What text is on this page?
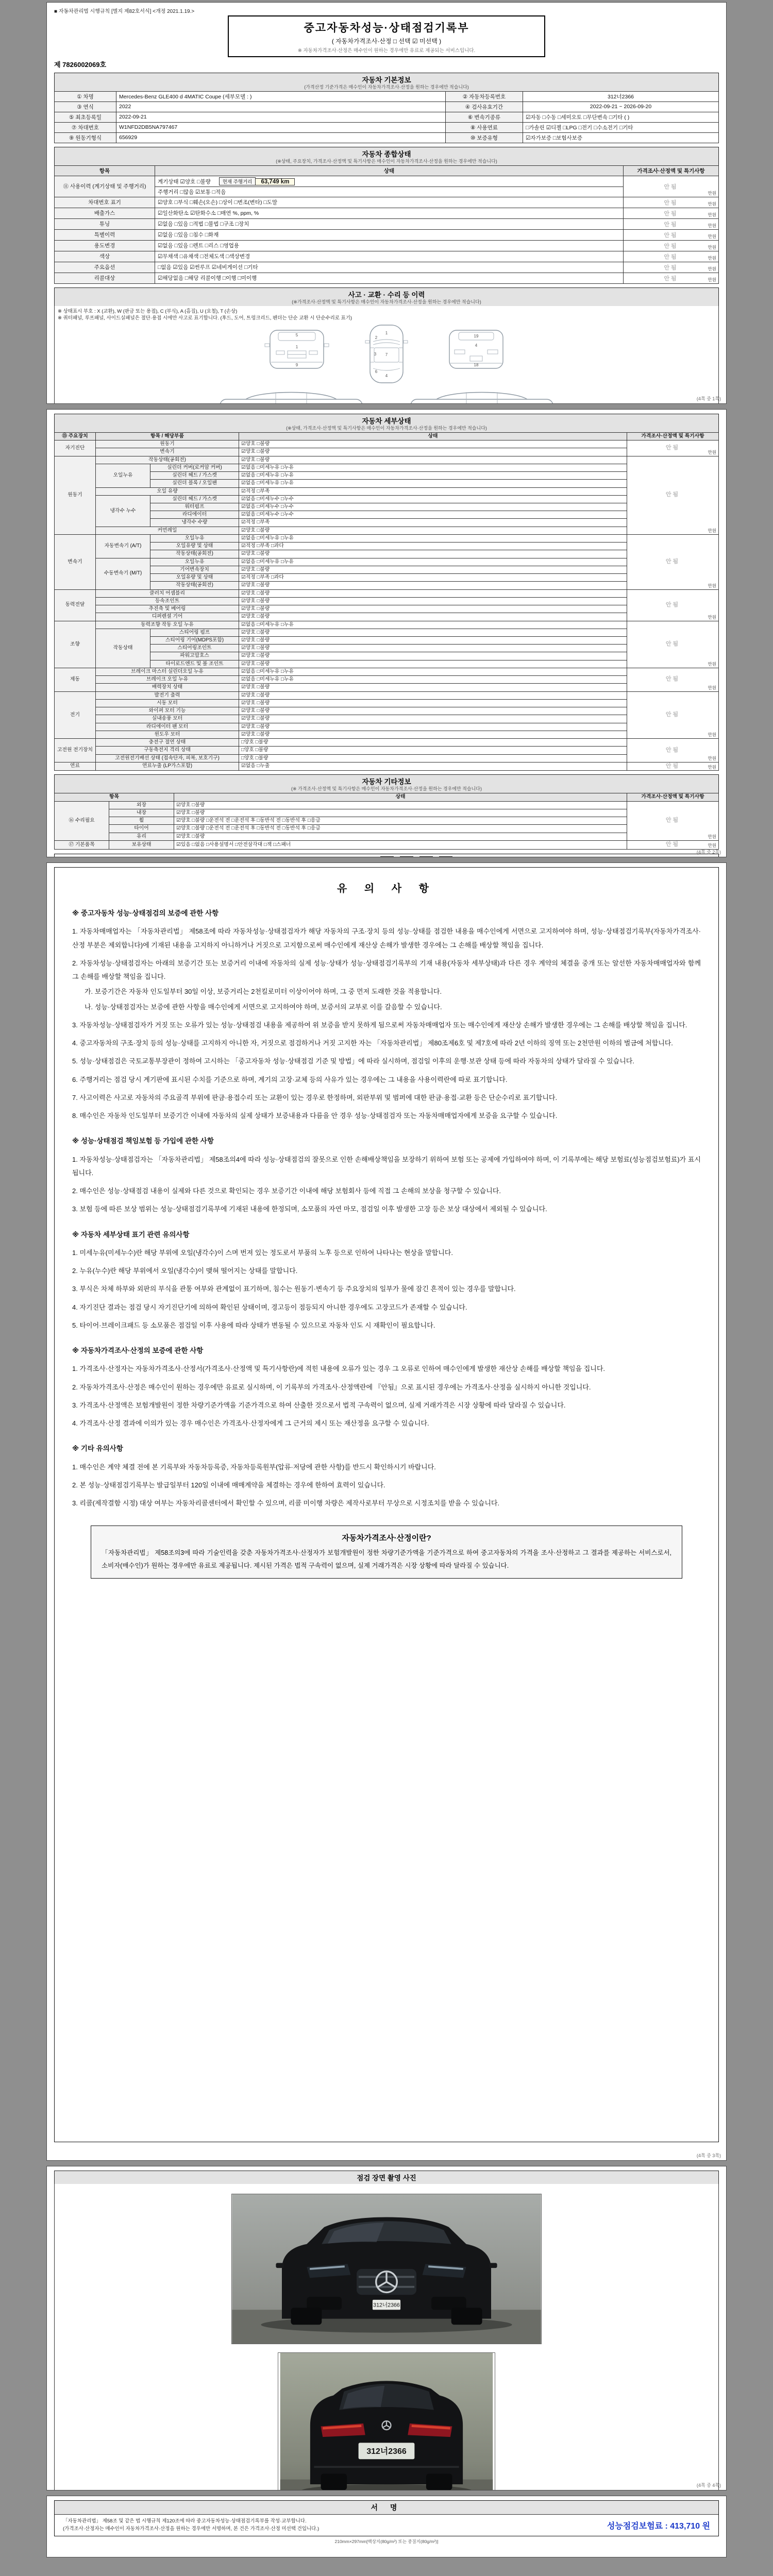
■ 자동차관리법 시행규칙 [별지 제82호서식] <개정 2021.1.19.>
중고자동차성능·상태점검기록부
( 자동차가격조사·산정 □ 선택 ☑ 미선택 )
※ 자동차가격조사·산정은 매수인이 원하는 경우에만 유료로 제공되는 서비스입니다.
제 7826002069호
자동차 기본정보
(가격산정 기준가격은 매수인이 자동차가격조사·산정을 원하는 경우에만 적습니다)
① 차명	Mercedes-Benz GLE400 d 4MATIC Coupe (세부모델 : )	② 자동차등록번호	312너2366
③ 연식	2022	④ 검사유효기간	2022-09-21 ~ 2026-09-20
⑤ 최초등록일	2022-09-21	⑥ 변속기종류	☑자동 □수동 □세미오토 □무단변속 □기타 ( )
⑦ 차대번호	W1NFD2DB5NA797467	⑧ 사용연료	□가솔린 ☑디젤 □LPG □전기 □수소전기 □기타
⑨ 원동기형식	656929	⑩ 보증유형	☑자가보증 □보험사보증
자동차 종합상태
(※상태, 주요장치, 가격조사·산정액 및 특기사항은 매수인이 자동차가격조사·산정을 원하는 경우에만 적습니다)
항목	상태	가격조사·산정액 및 특기사항
⑪ 사용이력 (계기상태 및 주행거리)	계기상태 ☑양호 □불량 현재 주행거리 63,749 km	안됨
만원

	주행거리 □많음 ☑보통 □적음	
차대번호 표기	☑양호 □부식 □훼손(오손) □상이 □변조(변타) □도말	안됨 만원

배출가스	☑일산화탄소 ☑탄화수소 □매연 %, ppm, %	안됨 만원

튜닝	☑없음 □있음 □적법 □불법 □구조 □장치	안됨 만원

특별이력	☑없음 □있음 □침수 □화재	안됨 만원

용도변경	☑없음 □있음 □렌트 □리스 □영업용	안됨 만원

색상	☑무채색 □유채색 □전체도색 □색상변경	안됨 만원

주요옵션	□없음 ☑있음 ☑썬루프 ☑네비게이션 □기타	안됨 만원

리콜대상	☑해당없음 □해당 리콜이행 □이행 □미이행	안됨 만원
사고 · 교환 · 수리 등 이력
(※가격조사·산정액 및 특기사항은 매수인이 자동차가격조사·산정을 원하는 경우에만 적습니다)
※ 상태표시 부호 : X (교환), W (판금 또는 용접), C (부식), A (흠집), U (요철), T (손상)
※ 쿼터패널, 루프패널, 사이드실패널은 절단·용접 시에만 사고로 표기합니다. (후드, 도어, 트렁크리드, 펜더는 단순 교환 시 단순수리로 표기)
5
1
9
1
2
3 7
6
4
19
4
18

(4쪽 중 1쪽)
자동차 세부상태
(※상태, 가격조사·산정액 및 특기사항은 매수인이 자동차가격조사·산정을 원하는 경우에만 적습니다)
⑮ 주요장치	항목 / 해당부품		상태	가격조사·산정액 및 특기사항
자기진단	원동기		☑양호 □불량	안됨
만원

	변속기		☑양호 □불량	
원동기	작동상태(공회전)		☑양호 □불량	안됨
만원

	오일누유	실린더 커버(로커암 커버)	☑없음 □미세누유 □누유	
		실린더 헤드 / 가스켓	☑없음 □미세누유 □누유	
		실린더 블록 / 오일팬	☑없음 □미세누유 □누유	
	오일 유량		☑적정 □부족	
	냉각수 누수	실린더 헤드 / 가스켓	☑없음 □미세누수 □누수	
		워터펌프	☑없음 □미세누수 □누수	
		라디에이터	☑없음 □미세누수 □누수	
		냉각수 수량	☑적정 □부족	
	커먼레일		☑양호 □불량	
변속기	자동변속기 (A/T)	오일누유	☑없음 □미세누유 □누유	안됨
만원

		오일유량 및 상태	☑적정 □부족 □과다	
		작동상태(공회전)	☑양호 □불량	
	수동변속기 (M/T)	오일누유	☑없음 □미세누유 □누유	
		기어변속장치	☑양호 □불량	
		오일유량 및 상태	☑적정 □부족 □과다	
		작동상태(공회전)	☑양호 □불량	
동력전달	클러치 어셈블리		☑양호 □불량	안됨
만원

	등속조인트		☑양호 □불량	
	추진축 및 베어링		☑양호 □불량	
	디퍼렌셜 기어		☑양호 □불량	
조향	동력조향 작동 오일 누유		☑없음 □미세누유 □누유	안됨
만원

	작동상태	스티어링 펌프	☑양호 □불량	
		스티어링 기어(MDPS포함)	☑양호 □불량	
		스티어링조인트	☑양호 □불량	
		파워고압호스	☑양호 □불량	
		타이로드엔드 및 볼 조인트	☑양호 □불량	
제동	브레이크 마스터 실린더오일 누유		☑없음 □미세누유 □누유	안됨
만원

	브레이크 오일 누유		☑없음 □미세누유 □누유	
	배력장치 상태		☑양호 □불량	
전기	발전기 출력		☑양호 □불량	안됨
만원

	시동 모터		☑양호 □불량	
	와이퍼 모터 기능		☑양호 □불량	
	실내송풍 모터		☑양호 □불량	
	라디에이터 팬 모터		☑양호 □불량	
	윈도우 모터		☑양호 □불량	
고전원 전기장치	충전구 절연 상태		□양호 □불량	안됨
만원

	구동축전지 격리 상태		□양호 □불량	
	고전원전기배선 상태 (접속단자, 피복, 보호기구)		□양호 □불량	
연료	연료누출 (LP가스포함)		☑없음 □누출	안됨 만원
자동차 기타정보
(※ 가격조사·산정액 및 특기사항은 매수인이 자동차가격조사·산정을 원하는 경우에만 적습니다)
항목		상태	가격조사·산정액 및 특기사항
⑯ 수리필요	외장	☑양호 □불량	안됨
만원

	내장	☑양호 □불량	
	휠	☑양호 □불량 □운전석 전 □운전석 후 □동반석 전 □동반석 후 □응급	
	타이어	☑양호 □불량 □운전석 전 □운전석 후 □동반석 전 □동반석 후 □응급	
	유리	☑양호 □불량	
⑰ 기본품목	보유상태	☑있음 □없음 □사용설명서 □안전삼각대 □잭 □스패너	안됨 만원

(4쪽 중 2쪽)
유 의 사 항
※ 중고자동차 성능·상태점검의 보증에 관한 사항
1. 자동차매매업자는 「자동차관리법」 제58조에 따라 자동차성능·상태점검자가 해당 자동차의 구조·장치 등의 성능·상태를 점검한 내용을 매수인에게 서면으로 고지하여야 하며, 성능·상태점검기록부(자동차가격조사·산정 부분은 제외합니다)에 기재된 내용을 고지하지 아니하거나 거짓으로 고지함으로써 매수인에게 재산상 손해가 발생한 경우에는 그 손해를 배상할 책임을 집니다.
2. 자동차성능·상태점검자는 아래의 보증기간 또는 보증거리 이내에 자동차의 실제 성능·상태가 성능·상태점검기록부의 기재 내용(자동차 세부상태)과 다른 경우 계약의 체결을 중개 또는 알선한 자동차매매업자와 함께 그 손해를 배상할 책임을 집니다.
가. 보증기간은 자동차 인도일부터 30일 이상, 보증거리는 2천킬로미터 이상이어야 하며, 그 중 먼저 도래한 것을 적용합니다.
나. 성능·상태점검자는 보증에 관한 사항을 매수인에게 서면으로 고지하여야 하며, 보증서의 교부로 이를 갈음할 수 있습니다.
3. 자동차성능·상태점검자가 거짓 또는 오류가 있는 성능·상태점검 내용을 제공하여 위 보증을 받지 못하게 됨으로써 자동차매매업자 또는 매수인에게 재산상 손해가 발생한 경우에는 그 손해를 배상할 책임을 집니다.
4. 중고자동차의 구조·장치 등의 성능·상태를 고지하지 아니한 자, 거짓으로 점검하거나 거짓 고지한 자는 「자동차관리법」 제80조제6호 및 제7호에 따라 2년 이하의 징역 또는 2천만원 이하의 벌금에 처합니다.
5. 성능·상태점검은 국토교통부장관이 정하여 고시하는 「중고자동차 성능·상태점검 기준 및 방법」에 따라 실시하며, 점검일 이후의 운행·보관 상태 등에 따라 자동차의 상태가 달라질 수 있습니다.
6. 주행거리는 점검 당시 계기판에 표시된 수치를 기준으로 하며, 계기의 고장·교체 등의 사유가 있는 경우에는 그 내용을 사용이력란에 따로 표기합니다.
7. 사고이력은 사고로 자동차의 주요골격 부위에 판금·용접수리 또는 교환이 있는 경우로 한정하며, 외판부위 및 범퍼에 대한 판금·용접·교환 등은 단순수리로 표기합니다.
8. 매수인은 자동차 인도일부터 보증기간 이내에 자동차의 실제 상태가 보증내용과 다름을 안 경우 성능·상태점검자 또는 자동차매매업자에게 보증을 요구할 수 있습니다.
※ 성능·상태점검 책임보험 등 가입에 관한 사항
1. 자동차성능·상태점검자는 「자동차관리법」 제58조의4에 따라 성능·상태점검의 잘못으로 인한 손해배상책임을 보장하기 위하여 보험 또는 공제에 가입하여야 하며, 이 기록부에는 해당 보험료(성능점검보험료)가 표시됩니다.
2. 매수인은 성능·상태점검 내용이 실제와 다른 것으로 확인되는 경우 보증기간 이내에 해당 보험회사 등에 직접 그 손해의 보상을 청구할 수 있습니다.
3. 보험 등에 따른 보상 범위는 성능·상태점검기록부에 기재된 내용에 한정되며, 소모품의 자연 마모, 점검일 이후 발생한 고장 등은 보상 대상에서 제외될 수 있습니다.
※ 자동차 세부상태 표기 관련 유의사항
1. 미세누유(미세누수)란 해당 부위에 오일(냉각수)이 스며 번져 있는 정도로서 부품의 노후 등으로 인하여 나타나는 현상을 말합니다.
2. 누유(누수)란 해당 부위에서 오일(냉각수)이 맺혀 떨어지는 상태를 말합니다.
3. 부식은 차체 하부와 외판의 부식을 관통 여부와 관계없이 표기하며, 침수는 원동기·변속기 등 주요장치의 일부가 물에 잠긴 흔적이 있는 경우를 말합니다.
4. 자기진단 결과는 점검 당시 자기진단기에 의하여 확인된 상태이며, 경고등이 점등되지 아니한 경우에도 고장코드가 존재할 수 있습니다.
5. 타이어·브레이크패드 등 소모품은 점검일 이후 사용에 따라 상태가 변동될 수 있으므로 자동차 인도 시 재확인이 필요합니다.
※ 자동차가격조사·산정의 보증에 관한 사항
1. 가격조사·산정자는 자동차가격조사·산정서(가격조사·산정액 및 특기사항란)에 적힌 내용에 오류가 있는 경우 그 오류로 인하여 매수인에게 발생한 재산상 손해를 배상할 책임을 집니다.
2. 자동차가격조사·산정은 매수인이 원하는 경우에만 유료로 실시하며, 이 기록부의 가격조사·산정액란에 『안됨』으로 표시된 경우에는 가격조사·산정을 실시하지 아니한 것입니다.
3. 가격조사·산정액은 보험개발원이 정한 차량기준가액을 기준가격으로 하여 산출한 것으로서 법적 구속력이 없으며, 실제 거래가격은 시장 상황에 따라 달라질 수 있습니다.
4. 가격조사·산정 결과에 이의가 있는 경우 매수인은 가격조사·산정자에게 그 근거의 제시 또는 재산정을 요구할 수 있습니다.
※ 기타 유의사항
1. 매수인은 계약 체결 전에 본 기록부와 자동차등록증, 자동차등록원부(압류·저당에 관한 사항)를 반드시 확인하시기 바랍니다.
2. 본 성능·상태점검기록부는 발급일부터 120일 이내에 매매계약을 체결하는 경우에 한하여 효력이 있습니다.
3. 리콜(제작결함 시정) 대상 여부는 자동차리콜센터에서 확인할 수 있으며, 리콜 미이행 차량은 제작사로부터 무상으로 시정조치를 받을 수 있습니다.
자동차가격조사·산정이란?
「자동차관리법」 제58조의3에 따라 기술인력을 갖춘 자동차가격조사·산정자가 보험개발원이 정한 차량기준가액을 기준가격으로 하여 중고자동차의 가격을 조사·산정하고 그 결과를 제공하는 서비스로서, 소비자(매수인)가 원하는 경우에만 유료로 제공됩니다. 제시된 가격은 법적 구속력이 없으며, 실제 거래가격은 시장 상황에 따라 달라질 수 있습니다.
(4쪽 중 3쪽)
점검 장면 촬영 사진
312너2366
312너2366
(4쪽 중 4쪽)
서 명
「자동차관리법」 제58조 및 같은 법 시행규칙 제120조에 따라 중고자동차성능·상태점검기록부를 작성·교부합니다.
(가격조사·산정자는 매수인이 자동차가격조사·산정을 원하는 경우에만 서명하며, 본 건은 가격조사·산정 미선택 건입니다.)	성능점검보험료 : 413,710 원
210mm×297mm[백상지(80g/m²) 또는 중질지(80g/m²)]
